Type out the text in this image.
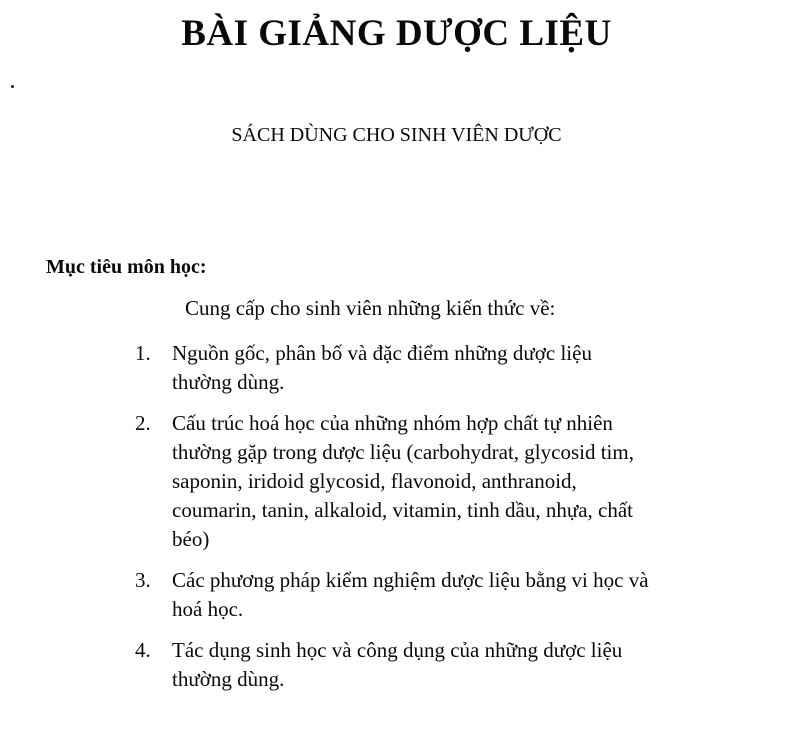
BÀI GIẢNG DƯỢC LIỆU
SÁCH DÙNG CHO SINH VIÊN DƯỢC
Mục tiêu môn học:
Cung cấp cho sinh viên những kiến thức về:
1.	Nguồn gốc, phân bố và đặc điểm những dược liệu
thường dùng.
2.	Cấu trúc hoá học của những nhóm hợp chất tự nhiên
thường gặp trong dược liệu (carbohydrat, glycosid tim,
saponin, iridoid glycosid, flavonoid, anthranoid,
coumarin, tanin, alkaloid, vitamin, tinh dầu, nhựa, chất
béo)
3.	Các phương pháp kiểm nghiệm dược liệu bằng vi học và
hoá học.
4.	Tác dụng sinh học và công dụng của những dược liệu
thường dùng.
